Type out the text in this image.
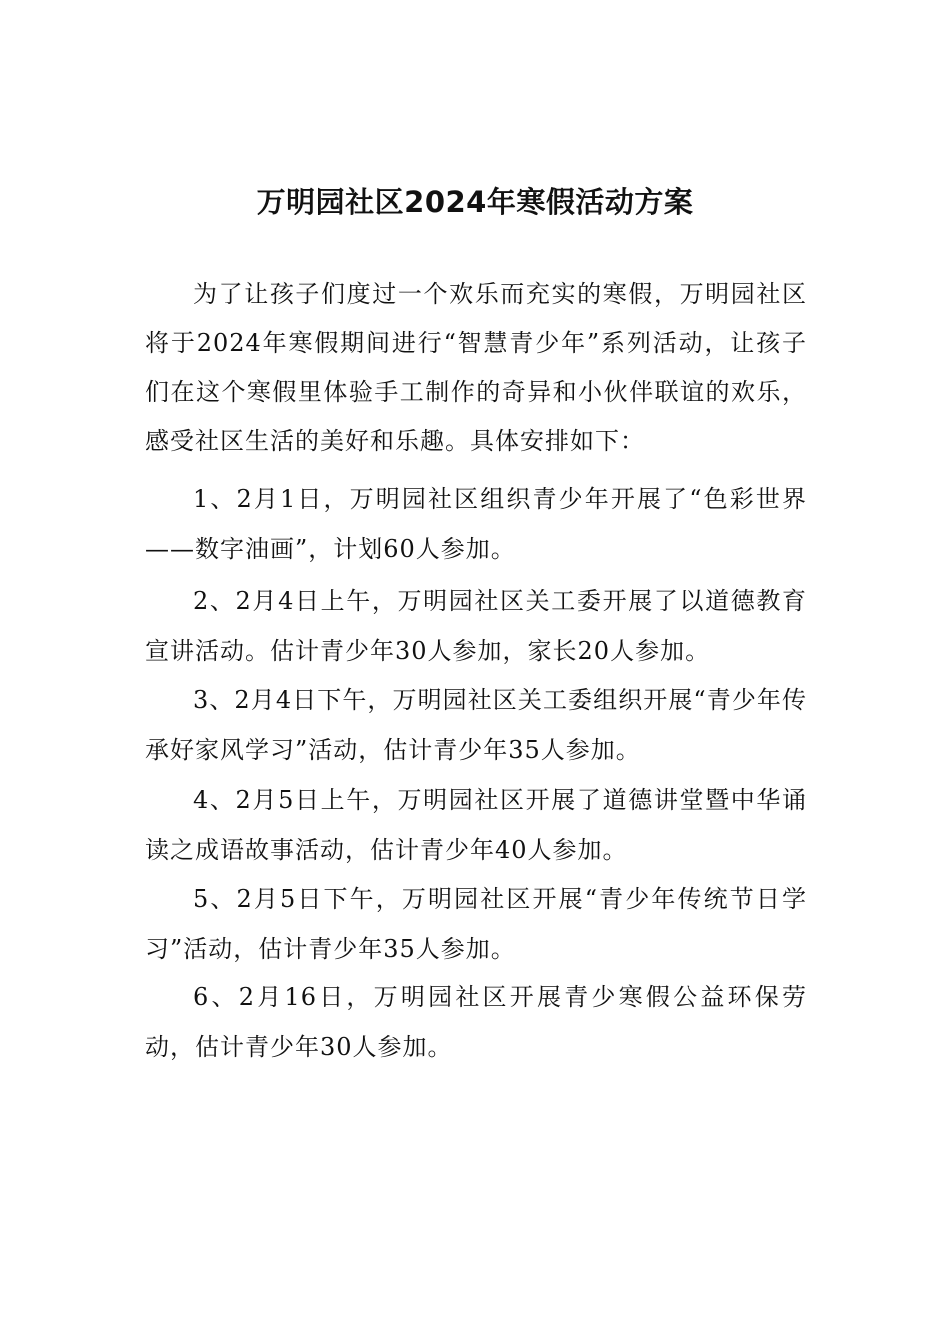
万明园社区2024年寒假活动方案
为了让孩子们度过一个欢乐而充实的寒假，万明园社区将于2024年寒假期间进行“智慧青少年”系列活动，让孩子们在这个寒假里体验手工制作的奇异和小伙伴联谊的欢乐，感受社区生活的美好和乐趣。具体安排如下：
1、2月1日，万明园社区组织青少年开展了“色彩世界——数字油画”，计划60人参加。
2、2月4日上午，万明园社区关工委开展了以道德教育宣讲活动。估计青少年30人参加，家长20人参加。
3、2月4日下午，万明园社区关工委组织开展“青少年传承好家风学习”活动，估计青少年35人参加。
4、2月5日上午，万明园社区开展了道德讲堂暨中华诵读之成语故事活动，估计青少年40人参加。
5、2月5日下午，万明园社区开展“青少年传统节日学习”活动，估计青少年35人参加。
6、2月16日，万明园社区开展青少寒假公益环保劳动，估计青少年30人参加。
